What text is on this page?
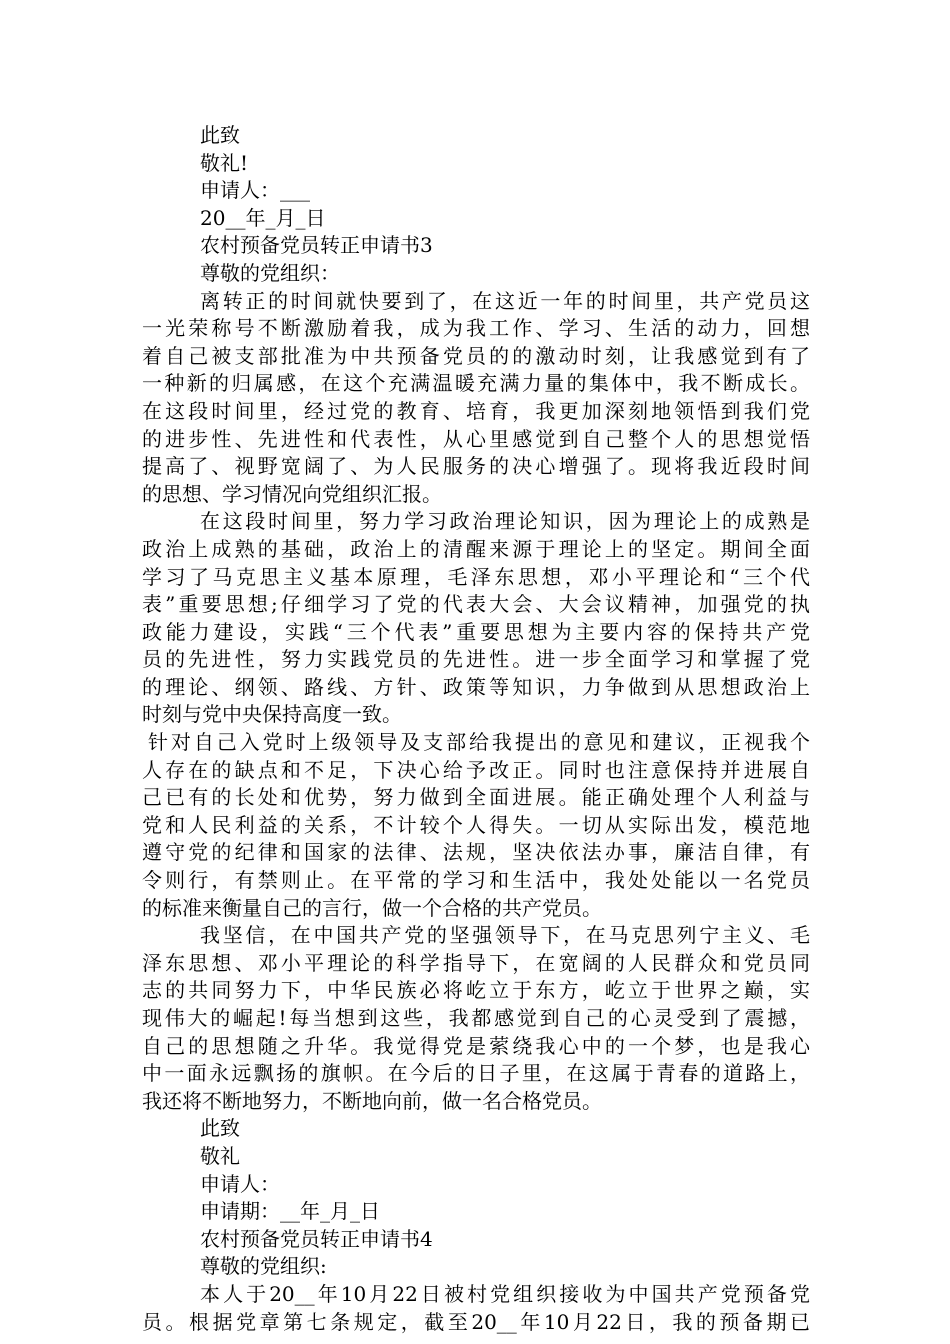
此致
敬礼!
申请人：___
20__年_月_日
农村预备党员转正申请书3
尊敬的党组织：
离转正的时间就快要到了，在这近一年的时间里，共产党员这
一光荣称号不断激励着我，成为我工作、学习、生活的动力，回想
着自己被支部批准为中共预备党员的的激动时刻，让我感觉到有了
一种新的归属感，在这个充满温暖充满力量的集体中，我不断成长。
在这段时间里，经过党的教育、培育，我更加深刻地领悟到我们党
的进步性、先进性和代表性，从心里感觉到自己整个人的思想觉悟
提高了、视野宽阔了、为人民服务的决心增强了。现将我近段时间
的思想、学习情况向党组织汇报。
在这段时间里，努力学习政治理论知识，因为理论上的成熟是
政治上成熟的基础，政治上的清醒来源于理论上的坚定。期间全面
学习了马克思主义基本原理，毛泽东思想，邓小平理论和“三个代
表”重要思想;仔细学习了党的代表大会、大会议精神，加强党的执
政能力建设，实践“三个代表”重要思想为主要内容的保持共产党
员的先进性，努力实践党员的先进性。进一步全面学习和掌握了党
的理论、纲领、路线、方针、政策等知识，力争做到从思想政治上
时刻与党中央保持高度一致。
针对自己入党时上级领导及支部给我提出的意见和建议，正视我个
人存在的缺点和不足，下决心给予改正。同时也注意保持并进展自
己已有的长处和优势，努力做到全面进展。能正确处理个人利益与
党和人民利益的关系，不计较个人得失。一切从实际出发，模范地
遵守党的纪律和国家的法律、法规，坚决依法办事，廉洁自律，有
令则行，有禁则止。在平常的学习和生活中，我处处能以一名党员
的标准来衡量自己的言行，做一个合格的共产党员。
我坚信，在中国共产党的坚强领导下，在马克思列宁主义、毛
泽东思想、邓小平理论的科学指导下，在宽阔的人民群众和党员同
志的共同努力下，中华民族必将屹立于东方，屹立于世界之巅，实
现伟大的崛起!每当想到这些，我都感觉到自己的心灵受到了震撼，
自己的思想随之升华。我觉得党是萦绕我心中的一个梦，也是我心
中一面永远飘扬的旗帜。在今后的日子里，在这属于青春的道路上，
我还将不断地努力，不断地向前，做一名合格党员。
此致
敬礼
申请人：
申请期：__年_月_日
农村预备党员转正申请书4
尊敬的党组织:
本人于20__年10月22日被村党组织接收为中国共产党预备党
员。根据党章第七条规定，截至20__年10月22日，我的预备期已
